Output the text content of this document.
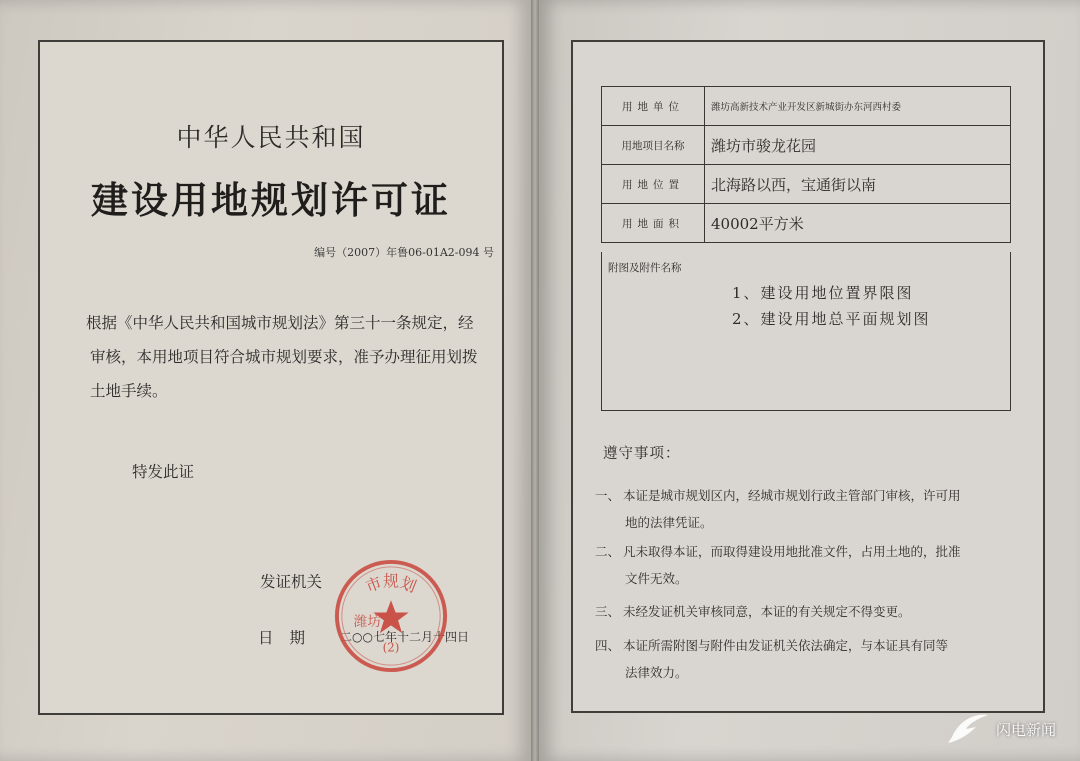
中华人民共和国
建设用地规划许可证
编号（2007）年鲁06-01A2-094 号
根据《中华人民共和国城市规划法》第三十一条规定，经审核，本用地项目符合城市规划要求，准予办理征用划拨土地手续。
特发此证
发证机关
日期 二○○七年十二月十四日
市规划
潍坊
(2)
用地单位	潍坊高新技术产业开发区新城街办东河西村委
用地项目名称	潍坊市骏龙花园
用地位置	北海路以西，宝通街以南
用地面积	40002平方米
附图及附件名称
1、建设用地位置界限图
2、建设用地总平面规划图
遵守事项：
一、 本证是城市规划区内，经城市规划行政主管部门审核，许可用
地的法律凭证。
二、 凡未取得本证，而取得建设用地批准文件，占用土地的，批准
文件无效。
三、 未经发证机关审核同意，本证的有关规定不得变更。
四、 本证所需附图与附件由发证机关依法确定，与本证具有同等
法律效力。
闪电新闻
